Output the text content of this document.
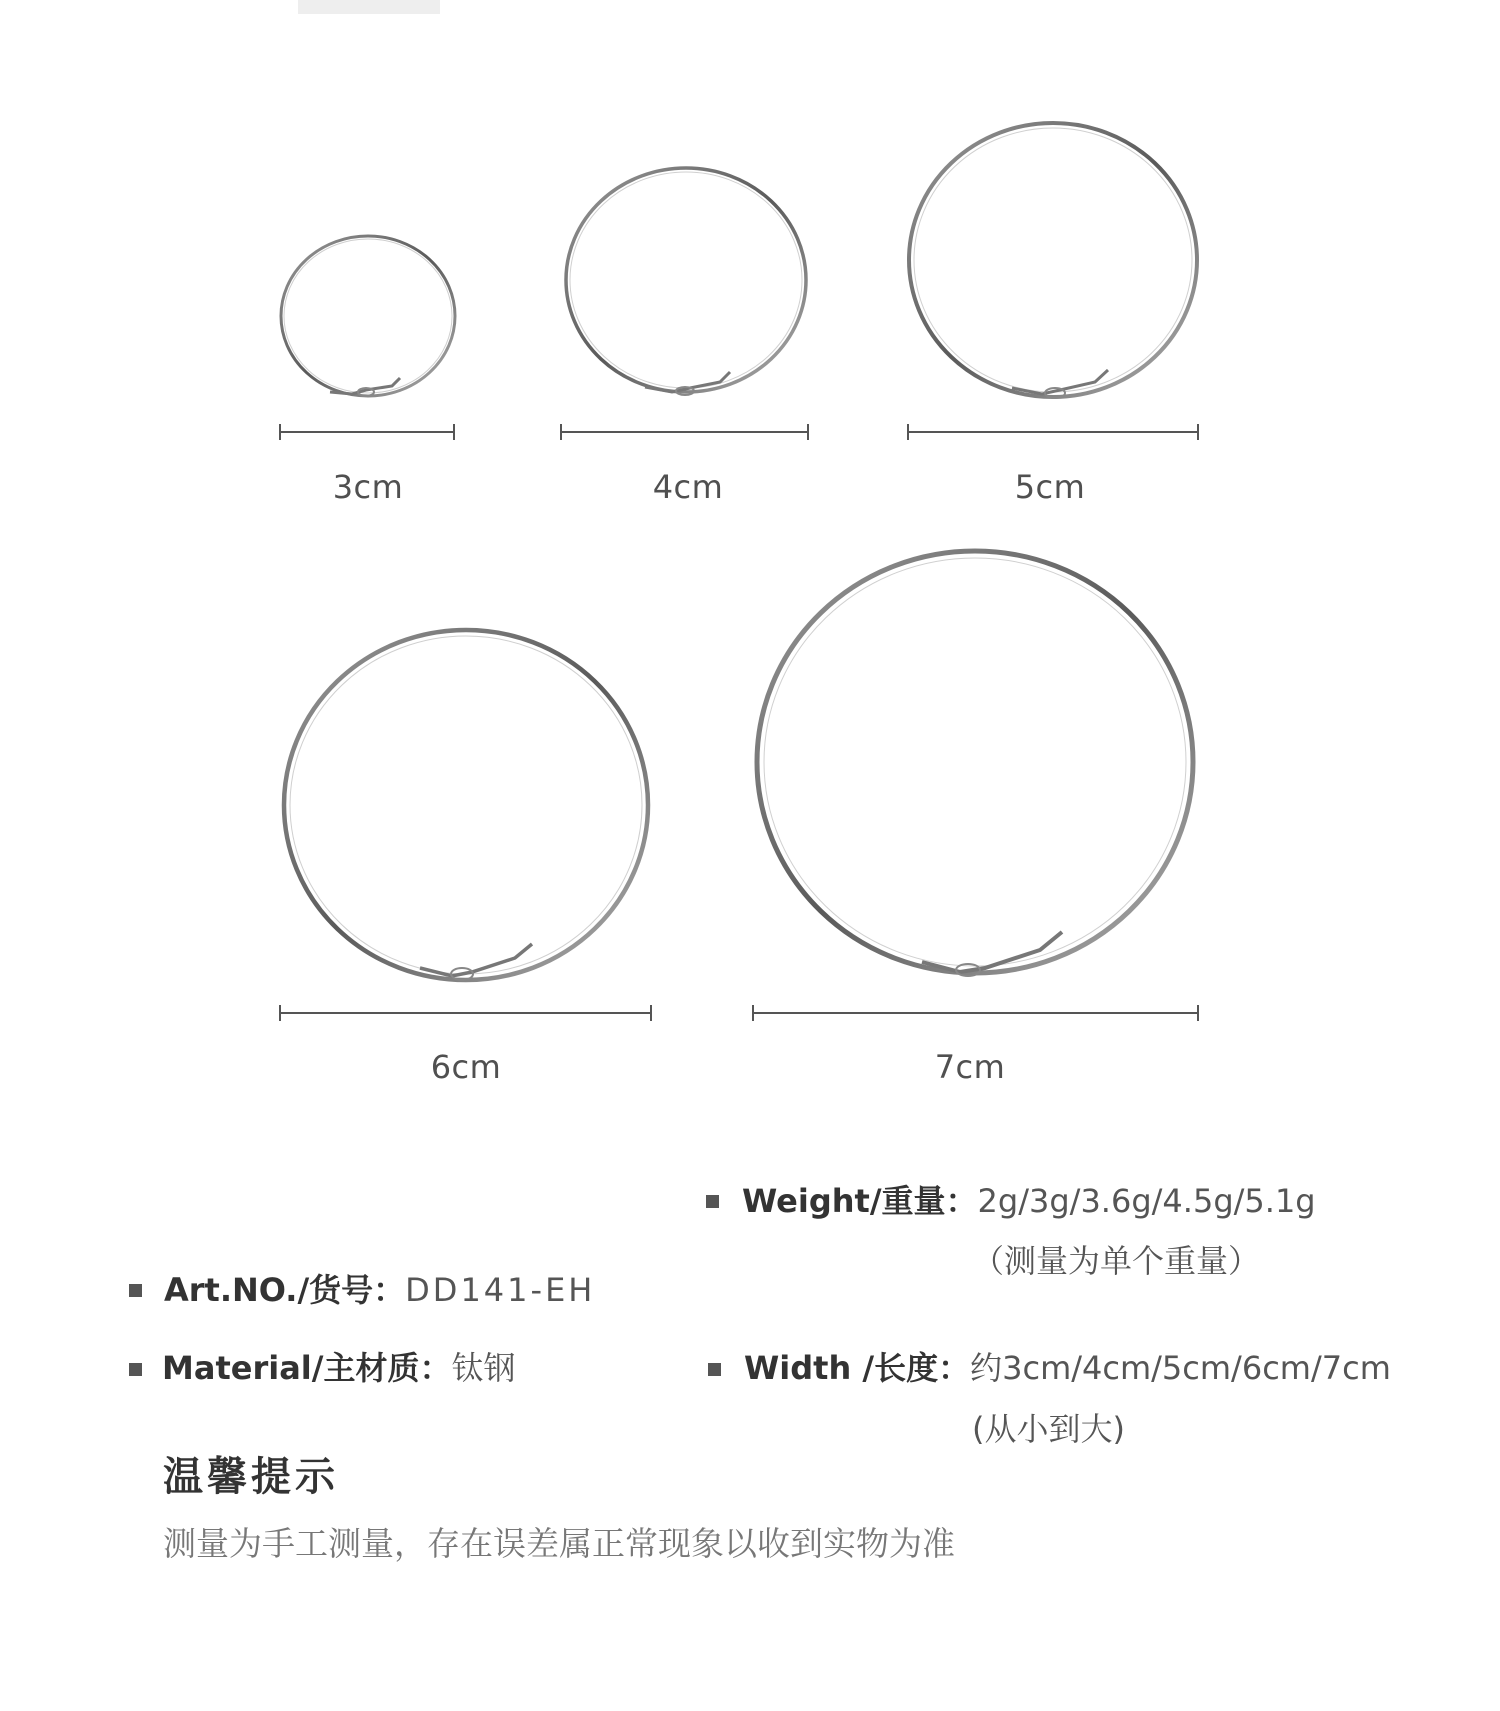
3cm	4cm	5cm
6cm	7cm
Weight/重量：2g/3g/3.6g/4.5g/5.1g
（测量为单个重量）
Art.NO./货号：DD141-EH
Material/主材质：钛钢	Width /长度：约3cm/4cm/5cm/6cm/7cm
(从小到大)
温馨提示
测量为手工测量，存在误差属正常现象以收到实物为准
